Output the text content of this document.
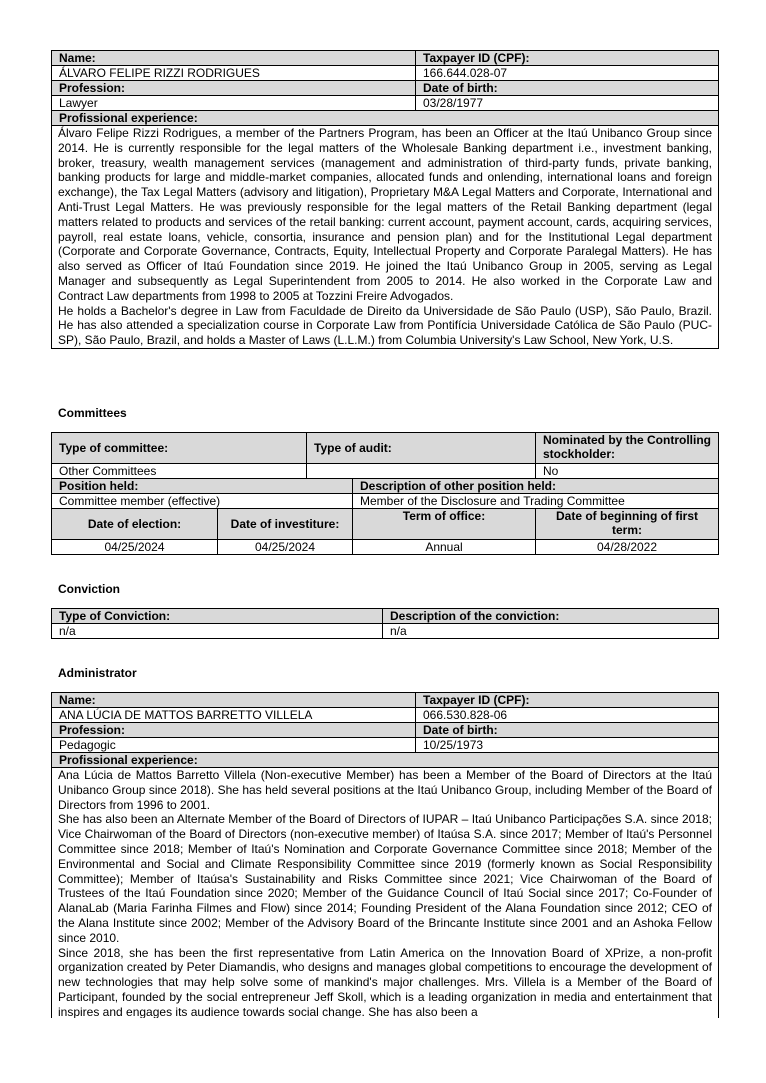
Name:	Taxpayer ID (CPF):
ÁLVARO FELIPE RIZZI RODRIGUES	166.644.028-07
Profession:	Date of birth:
Lawyer	03/28/1977
Profissional experience:	

Álvaro Felipe Rizzi Rodrigues, a member of the Partners Program, has been an Officer at the Itaú Unibanco Group since 2014. He is currently responsible for the legal matters of the Wholesale Banking department i.e., investment banking, broker, treasury, wealth management services (management and administration of third-party funds, private banking, banking products for large and middle-market companies, allocated funds and onlending, international loans and foreign exchange), the Tax Legal Matters (advisory and litigation), Proprietary M&A Legal Matters and Corporate, International and Anti-Trust Legal Matters. He was previously responsible for the legal matters of the Retail Banking department (legal matters related to products and services of the retail banking: current account, payment account, cards, acquiring services, payroll, real estate loans, vehicle, consortia, insurance and pension plan) and for the Institutional Legal department (Corporate and Corporate Governance, Contracts, Equity, Intellectual Property and Corporate Paralegal Matters). He has also served as Officer of Itaú Foundation since 2019. He joined the Itaú Unibanco Group in 2005, serving as Legal Manager and subsequently as Legal Superintendent from 2005 to 2014. He also worked in the Corporate Law and Contract Law departments from 1998 to 2005 at Tozzini Freire Advogados.

He holds a Bachelor's degree in Law from Faculdade de Direito da Universidade de São Paulo (USP), São Paulo, Brazil. He has also attended a specialization course in Corporate Law from Pontifícia Universidade Católica de São Paulo (PUC-SP), São Paulo, Brazil, and holds a Master of Laws (L.L.M.) from Columbia University's Law School, New York, U.S.	

Committees
Type of committee:		Type of audit:		Nominated by the Controlling stockholder:
Other Committees				No
Position held:			Description of other position held:	
Committee member (effective)			Member of the Disclosure and Trading Committee	
Date of election:	Date of investiture:		Term of office:	Date of beginning of first term:
04/25/2024	04/25/2024		Annual	04/28/2022
Conviction
Type of Conviction:	Description of the conviction:
n/a	n/a
Administrator
Name:	Taxpayer ID (CPF):
ANA LÚCIA DE MATTOS BARRETTO VILLELA	066.530.828-06
Profession:	Date of birth:
Pedagogic	10/25/1973
Profissional experience:	

Ana Lúcia de Mattos Barretto Villela (Non-executive Member) has been a Member of the Board of Directors at the Itaú Unibanco Group since 2018). She has held several positions at the Itaú Unibanco Group, including Member of the Board of Directors from 1996 to 2001.

She has also been an Alternate Member of the Board of Directors of IUPAR – Itaú Unibanco Participações S.A. since 2018; Vice Chairwoman of the Board of Directors (non-executive member) of Itaúsa S.A. since 2017; Member of Itaú's Personnel Committee since 2018; Member of Itaú's Nomination and Corporate Governance Committee since 2018; Member of the Environmental and Social and Climate Responsibility Committee since 2019 (formerly known as Social Responsibility Committee); Member of Itaúsa's Sustainability and Risks Committee since 2021; Vice Chairwoman of the Board of Trustees of the Itaú Foundation since 2020; Member of the Guidance Council of Itaú Social since 2017; Co-Founder of AlanaLab (Maria Farinha Filmes and Flow) since 2014; Founding President of the Alana Foundation since 2012; CEO of the Alana Institute since 2002; Member of the Advisory Board of the Brincante Institute since 2001 and an Ashoka Fellow since 2010.

Since 2018, she has been the first representative from Latin America on the Innovation Board of XPrize, a non-profit organization created by Peter Diamandis, who designs and manages global competitions to encourage the development of new technologies that may help solve some of mankind's major challenges. Mrs. Villela is a Member of the Board of Participant, founded by the social entrepreneur Jeff Skoll, which is a leading organization in media and entertainment that inspires and engages its audience towards social change. She has also been a	
